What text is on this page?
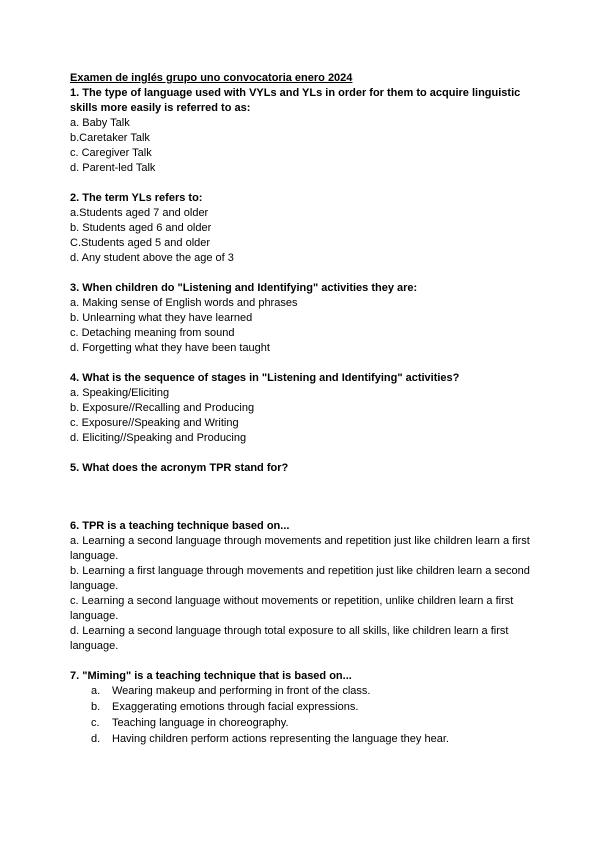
Examen de inglés grupo uno convocatoria enero 2024

1. The type of language used with VYLs and YLs in order for them to acquire linguistic skills more easily is referred to as:

a. Baby Talk

b.Caretaker Talk

c. Caregiver Talk

d. Parent-led Talk

2. The term YLs refers to:

a.Students aged 7 and older

b. Students aged 6 and older

C.Students aged 5 and older

d. Any student above the age of 3

3. When children do "Listening and Identifying" activities they are:

a. Making sense of English words and phrases

b. Unlearning what they have learned

c. Detaching meaning from sound

d. Forgetting what they have been taught

4. What is the sequence of stages in "Listening and Identifying" activities?

a. Speaking/Eliciting

b. Exposure//Recalling and Producing

c. Exposure//Speaking and Writing

d. Eliciting//Speaking and Producing

5. What does the acronym TPR stand for?

6. TPR is a teaching technique based on...

a. Learning a second language through movements and repetition just like children learn a first language.

b. Learning a first language through movements and repetition just like children learn a second language.

c. Learning a second language without movements or repetition, unlike children learn a first language.

d. Learning a second language through total exposure to all skills, like children learn a first language.

7. "Miming" is a teaching technique that is based on...

a.	Wearing makeup and performing in front of the class.
b.	Exaggerating emotions through facial expressions.
c.	Teaching language in choreography.
d.	Having children perform actions representing the language they hear.
